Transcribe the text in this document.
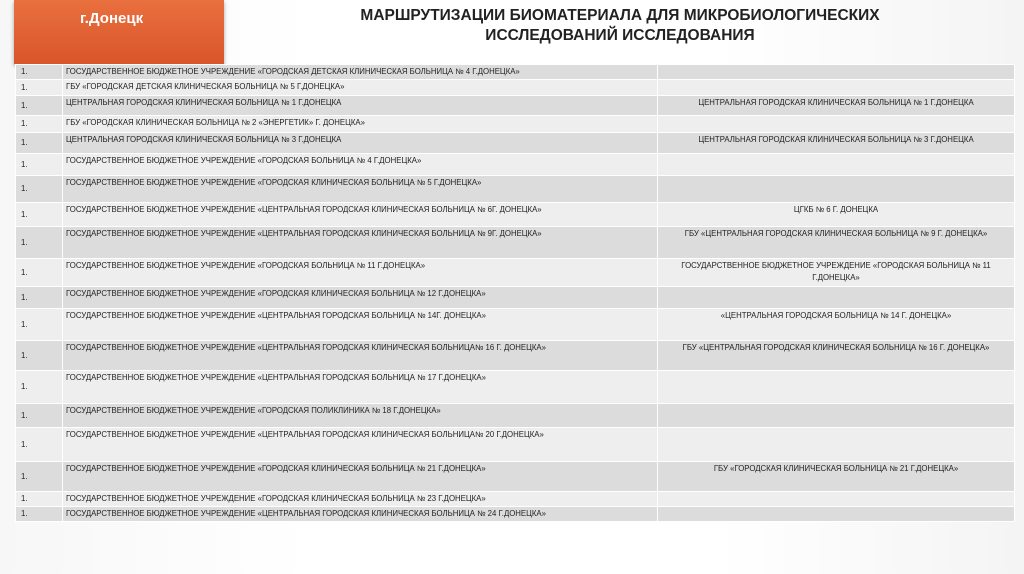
г.Донецк	МАРШРУТИЗАЦИИ БИОМАТЕРИАЛА ДЛЯ МИКРОБИОЛОГИЧЕСКИХ
ИССЛЕДОВАНИЙ ИССЛЕДОВАНИЯ
1.	ГОСУДАРСТВЕННОЕ БЮДЖЕТНОЕ УЧРЕЖДЕНИЕ «ГОРОДСКАЯ ДЕТСКАЯ КЛИНИЧЕСКАЯ БОЛЬНИЦА № 4 Г.ДОНЕЦКА»	
1.	ГБУ «ГОРОДСКАЯ ДЕТСКАЯ КЛИНИЧЕСКАЯ БОЛЬНИЦА № 5 Г.ДОНЕЦКА»	
1.	ЦЕНТРАЛЬНАЯ ГОРОДСКАЯ КЛИНИЧЕСКАЯ БОЛЬНИЦА № 1 Г.ДОНЕЦКА	ЦЕНТРАЛЬНАЯ ГОРОДСКАЯ КЛИНИЧЕСКАЯ БОЛЬНИЦА № 1 Г.ДОНЕЦКА
1.	ГБУ «ГОРОДСКАЯ КЛИНИЧЕСКАЯ БОЛЬНИЦА № 2 «ЭНЕРГЕТИК» Г. ДОНЕЦКА»	
1.	ЦЕНТРАЛЬНАЯ ГОРОДСКАЯ КЛИНИЧЕСКАЯ БОЛЬНИЦА № 3 Г.ДОНЕЦКА	ЦЕНТРАЛЬНАЯ ГОРОДСКАЯ КЛИНИЧЕСКАЯ БОЛЬНИЦА № 3 Г.ДОНЕЦКА
1.	ГОСУДАРСТВЕННОЕ БЮДЖЕТНОЕ УЧРЕЖДЕНИЕ «ГОРОДСКАЯ БОЛЬНИЦА № 4 Г.ДОНЕЦКА»	
1.	ГОСУДАРСТВЕННОЕ БЮДЖЕТНОЕ УЧРЕЖДЕНИЕ «ГОРОДСКАЯ КЛИНИЧЕСКАЯ БОЛЬНИЦА № 5 Г.ДОНЕЦКА»	
1.	ГОСУДАРСТВЕННОЕ БЮДЖЕТНОЕ УЧРЕЖДЕНИЕ «ЦЕНТРАЛЬНАЯ ГОРОДСКАЯ КЛИНИЧЕСКАЯ БОЛЬНИЦА № 6Г. ДОНЕЦКА»	ЦГКБ № 6 Г. ДОНЕЦКА
1.	ГОСУДАРСТВЕННОЕ БЮДЖЕТНОЕ УЧРЕЖДЕНИЕ «ЦЕНТРАЛЬНАЯ ГОРОДСКАЯ КЛИНИЧЕСКАЯ БОЛЬНИЦА № 9Г. ДОНЕЦКА»	ГБУ «ЦЕНТРАЛЬНАЯ ГОРОДСКАЯ КЛИНИЧЕСКАЯ БОЛЬНИЦА № 9 Г. ДОНЕЦКА»
1.	ГОСУДАРСТВЕННОЕ БЮДЖЕТНОЕ УЧРЕЖДЕНИЕ «ГОРОДСКАЯ БОЛЬНИЦА № 11 Г.ДОНЕЦКА»	ГОСУДАРСТВЕННОЕ БЮДЖЕТНОЕ УЧРЕЖДЕНИЕ «ГОРОДСКАЯ БОЛЬНИЦА № 11 Г.ДОНЕЦКА»
1.	ГОСУДАРСТВЕННОЕ БЮДЖЕТНОЕ УЧРЕЖДЕНИЕ «ГОРОДСКАЯ КЛИНИЧЕСКАЯ БОЛЬНИЦА № 12 Г.ДОНЕЦКА»	
1.	ГОСУДАРСТВЕННОЕ БЮДЖЕТНОЕ УЧРЕЖДЕНИЕ «ЦЕНТРАЛЬНАЯ ГОРОДСКАЯ БОЛЬНИЦА № 14Г. ДОНЕЦКА»	«ЦЕНТРАЛЬНАЯ ГОРОДСКАЯ БОЛЬНИЦА № 14 Г. ДОНЕЦКА»
1.	ГОСУДАРСТВЕННОЕ БЮДЖЕТНОЕ УЧРЕЖДЕНИЕ «ЦЕНТРАЛЬНАЯ ГОРОДСКАЯ КЛИНИЧЕСКАЯ БОЛЬНИЦА№ 16 Г. ДОНЕЦКА»	ГБУ «ЦЕНТРАЛЬНАЯ ГОРОДСКАЯ КЛИНИЧЕСКАЯ БОЛЬНИЦА № 16 Г. ДОНЕЦКА»
1.	ГОСУДАРСТВЕННОЕ БЮДЖЕТНОЕ УЧРЕЖДЕНИЕ «ЦЕНТРАЛЬНАЯ ГОРОДСКАЯ БОЛЬНИЦА № 17 Г.ДОНЕЦКА»	
1.	ГОСУДАРСТВЕННОЕ БЮДЖЕТНОЕ УЧРЕЖДЕНИЕ «ГОРОДСКАЯ ПОЛИКЛИНИКА № 18 Г.ДОНЕЦКА»	
1.	ГОСУДАРСТВЕННОЕ БЮДЖЕТНОЕ УЧРЕЖДЕНИЕ «ЦЕНТРАЛЬНАЯ ГОРОДСКАЯ КЛИНИЧЕСКАЯ БОЛЬНИЦА№ 20 Г.ДОНЕЦКА»	
1.	ГОСУДАРСТВЕННОЕ БЮДЖЕТНОЕ УЧРЕЖДЕНИЕ «ГОРОДСКАЯ КЛИНИЧЕСКАЯ БОЛЬНИЦА № 21 Г.ДОНЕЦКА»	ГБУ «ГОРОДСКАЯ КЛИНИЧЕСКАЯ БОЛЬНИЦА № 21 Г.ДОНЕЦКА»
1.	ГОСУДАРСТВЕННОЕ БЮДЖЕТНОЕ УЧРЕЖДЕНИЕ «ГОРОДСКАЯ КЛИНИЧЕСКАЯ БОЛЬНИЦА № 23 Г.ДОНЕЦКА»	
1.	ГОСУДАРСТВЕННОЕ БЮДЖЕТНОЕ УЧРЕЖДЕНИЕ «ЦЕНТРАЛЬНАЯ ГОРОДСКАЯ КЛИНИЧЕСКАЯ БОЛЬНИЦА № 24 Г.ДОНЕЦКА»	
